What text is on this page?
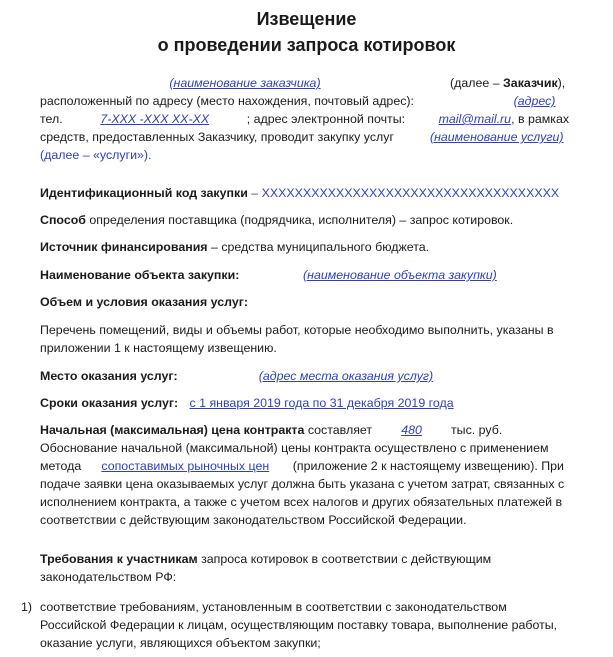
Извещение
о проведении запроса котировок
(наименование заказчика)	(далее – Заказчик),
расположенный по адресу (место нахождения, почтовый адрес):	(адрес)
тел.	7-XXX -XXX XX-XX	; адрес электронной почты:	mail@mail.ru, в рамках
средств, предоставленных Заказчику, проводит закупку услуг	(наименование услуги)
(далее – «услуги»).
Идентификационный код закупки – XXXXXXXXXXXXXXXXXXXXXXXXXXXXXXXXXXXX
Способ определения поставщика (подрядчика, исполнителя) – запрос котировок.
Источник финансирования – средства муниципального бюджета.
Наименование объекта закупки:	(наименование объекта закупки)
Объем и условия оказания услуг:
Перечень помещений, виды и объемы работ, которые необходимо выполнить, указаны в
приложении 1 к настоящему извещению.
Место оказания услуг:	(адрес места оказания услуг)
Сроки оказания услуг: с 1 января 2019 года по 31 декабря 2019 года
Начальная (максимальная) цена контракта составляет 480 тыс. руб.
Обоснование начальной (максимальной) цены контракта осуществлено с применением
метода сопоставимых рыночных цен (приложение 2 к настоящему извещению). При
подаче заявки цена оказываемых услуг должна быть указана с учетом затрат, связанных с
исполнением контракта, а также с учетом всех налогов и других обязательных платежей в
соответствии с действующим законодательством Российской Федерации.
Требования к участникам запроса котировок в соответствии с действующим
законодательством РФ:
1) соответствие требованиям, установленным в соответствии с законодательством
Российской Федерации к лицам, осуществляющим поставку товара, выполнение работы,
оказание услуги, являющихся объектом закупки;
